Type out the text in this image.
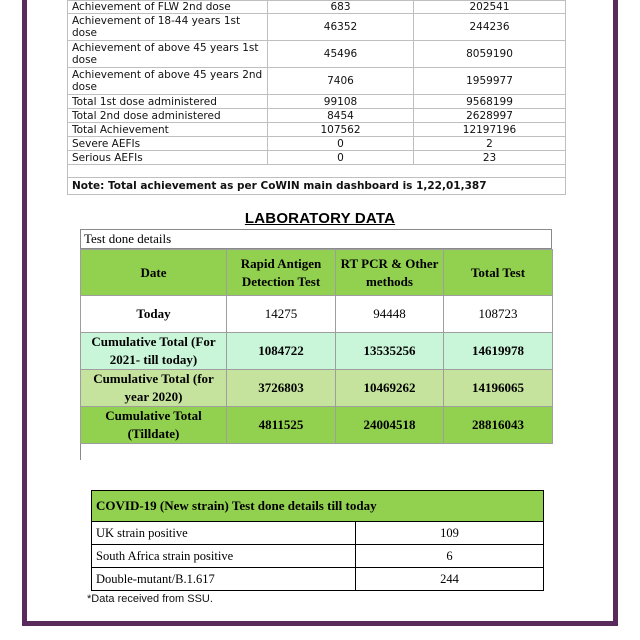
Achievement of FLW 2nd dose	683	202541
Achievement of 18-44 years 1st dose	46352	244236
Achievement of above 45 years 1st dose	45496	8059190
Achievement of above 45 years 2nd dose	7406	1959977
Total 1st dose administered	99108	9568199
Total 2nd dose administered	8454	2628997
Total Achievement	107562	12197196
Severe AEFIs	0	2
Serious AEFIs	0	23

Note: Total achievement as per CoWIN main dashboard is 1,22,01,387		
LABORATORY DATA
Test done details
Date	Rapid Antigen Detection Test	RT PCR & Other methods	Total Test
Today	14275	94448	108723
Cumulative Total (For 2021- till today)	1084722	13535256	14619978
Cumulative Total (for year 2020)	3726803	10469262	14196065
Cumulative Total (Tilldate)	4811525	24004518	28816043

COVID-19 (New strain) Test done details till today	
UK strain positive	109
South Africa strain positive	6
Double-mutant/B.1.617	244
*Data received from SSU.
